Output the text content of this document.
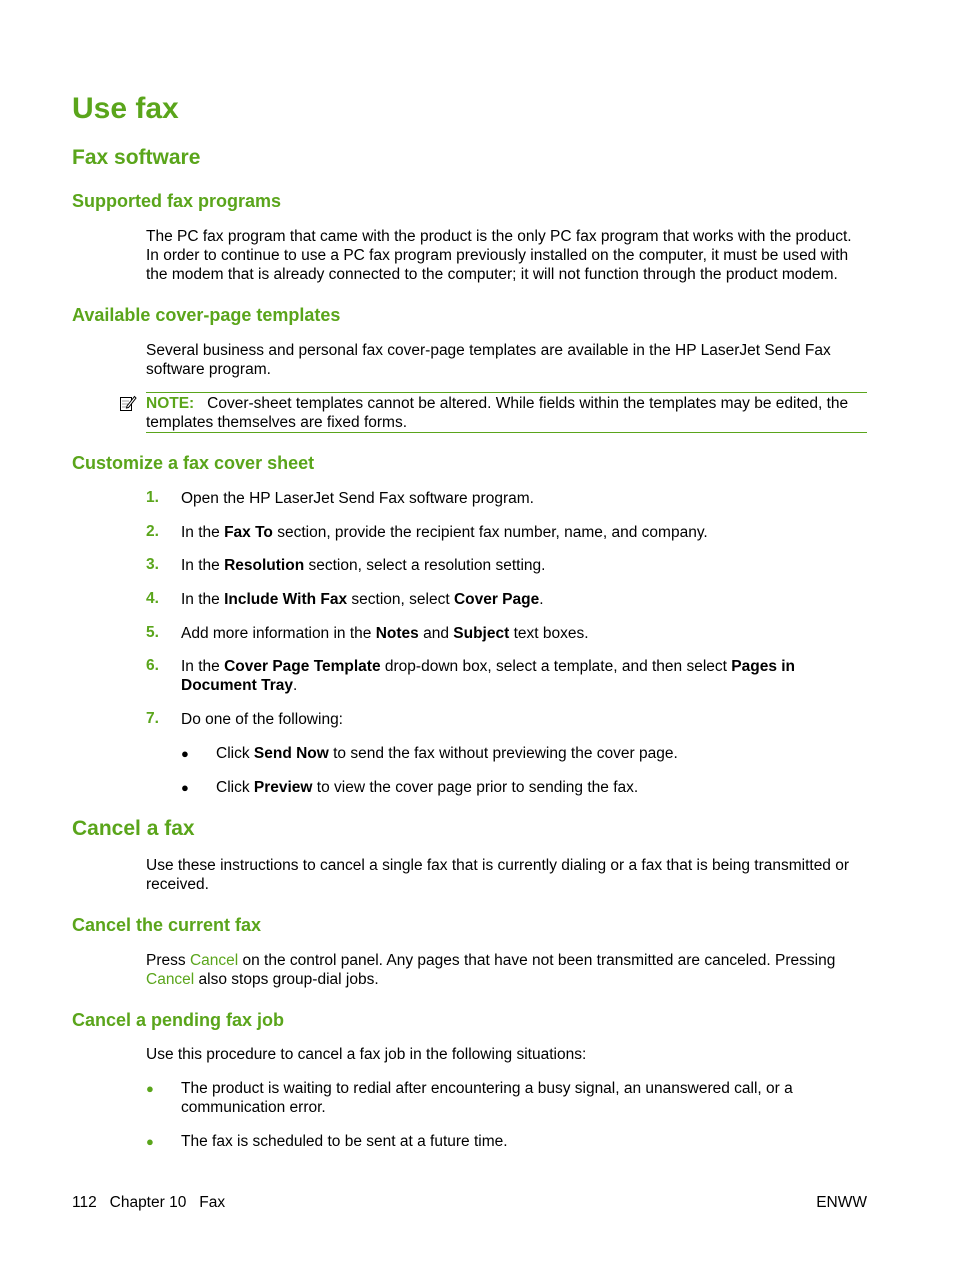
Use fax
Fax software
Supported fax programs
The PC fax program that came with the product is the only PC fax program that works with the product. In order to continue to use a PC fax program previously installed on the computer, it must be used with the modem that is already connected to the computer; it will not function through the product modem.
Available cover-page templates
Several business and personal fax cover-page templates are available in the HP LaserJet Send Fax software program.
NOTE: Cover-sheet templates cannot be altered. While fields within the templates may be edited, the templates themselves are fixed forms.
Customize a fax cover sheet
1. Open the HP LaserJet Send Fax software program.
2. In the Fax To section, provide the recipient fax number, name, and company.
3. In the Resolution section, select a resolution setting.
4. In the Include With Fax section, select Cover Page.
5. Add more information in the Notes and Subject text boxes.
6. In the Cover Page Template drop-down box, select a template, and then select Pages in
Document Tray.
7. Do one of the following:
● Click Send Now to send the fax without previewing the cover page.
● Click Preview to view the cover page prior to sending the fax.
Cancel a fax
Use these instructions to cancel a single fax that is currently dialing or a fax that is being transmitted or received.
Cancel the current fax
Press Cancel on the control panel. Any pages that have not been transmitted are canceled. Pressing
Cancel also stops group-dial jobs.
Cancel a pending fax job
Use this procedure to cancel a fax job in the following situations:
● The product is waiting to redial after encountering a busy signal, an unanswered call, or a communication error.
● The fax is scheduled to be sent at a future time.
112   Chapter 10   Fax	ENWW
